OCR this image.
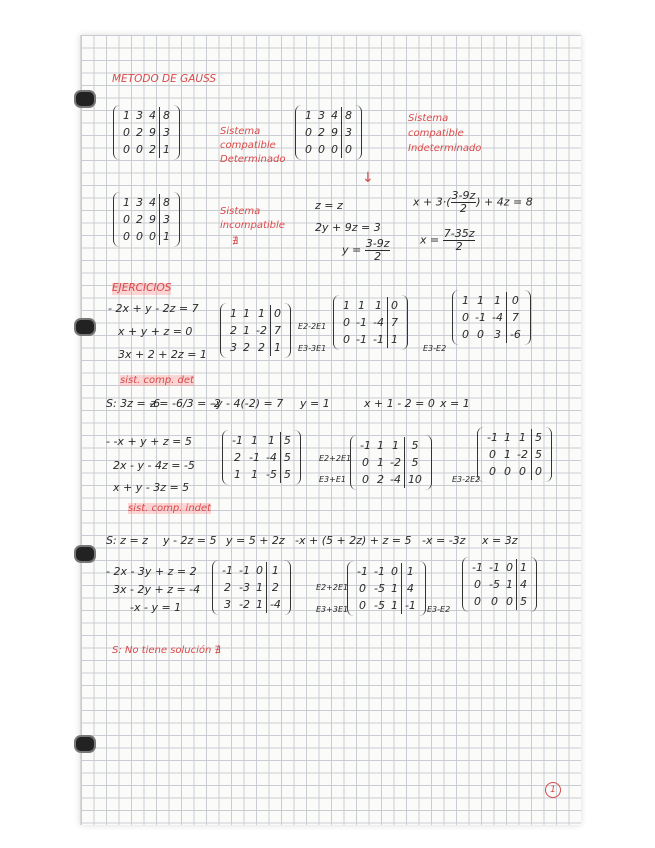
METODO DE GAUSS
1 3 4 8
0 2 9 3
0 0 2 1
Sistema
compatible
Determinado
1 3 4 8
0 2 9 3
0 0 0 0
Sistema
compatible
Indeterminado
↓
1 3 4 8
0 2 9 3
0 0 0 1
Sistema
incompatible
∄
z = z
2y + 9z = 3
$y = \frac{3-9z}{2}$
$x + 3\cdot( \frac{3-9z}{2}$ ) + 4z = 8
$x = \frac{7-35z}{2}$
EJERCICIOS
- 2x + y - 2z = 7
x + y + z = 0
3x + 2 + 2z = 1
1 1 1 0
2 1 -2 7
3 2 2 1
E2-2E1
E3-3E1
1 1 1 0
0 -1 -4 7
0 -1 -1 1
E3-E2
1 1 1 0
0 -1 -4 7
0 0 3 -6
sist. comp. det
S: 3z = -6
z = -6/3 = -2
-y - 4(-2) = 7 y = 1	x + 1 - 2 = 0 x = 1
- -x + y + z = 5
2x - y - 4z = -5
x + y - 3z = 5
-1 1 1 5
2 -1 -4 5
1 1 -5 5
E2+2E1
E3+E1
-1 1 1	5
0 1 -2 5
0 2 -4 10	E3-2E2
-1 1 1 5
0 1 -2 5
0 0 0 0
sist. comp. indet
S: z = z y - 2z = 5 y = 5 + 2z -x + (5 + 2z) + z = 5 -x = -3z x = 3z
- 2x - 3y + z = 2
3x - 2y + z = -4
-x - y = 1
-1 -1 0 1
2 -3 1 2
3 -2 1 -4
E2+2E1
E3+3E1
-1 -1 0 1
0 -5 1 4
0 -5 1 -1	E3-E2
-1 -1 0 1
0 -5 1 4
0 0 0 5
S: No tiene solución ∄
1
